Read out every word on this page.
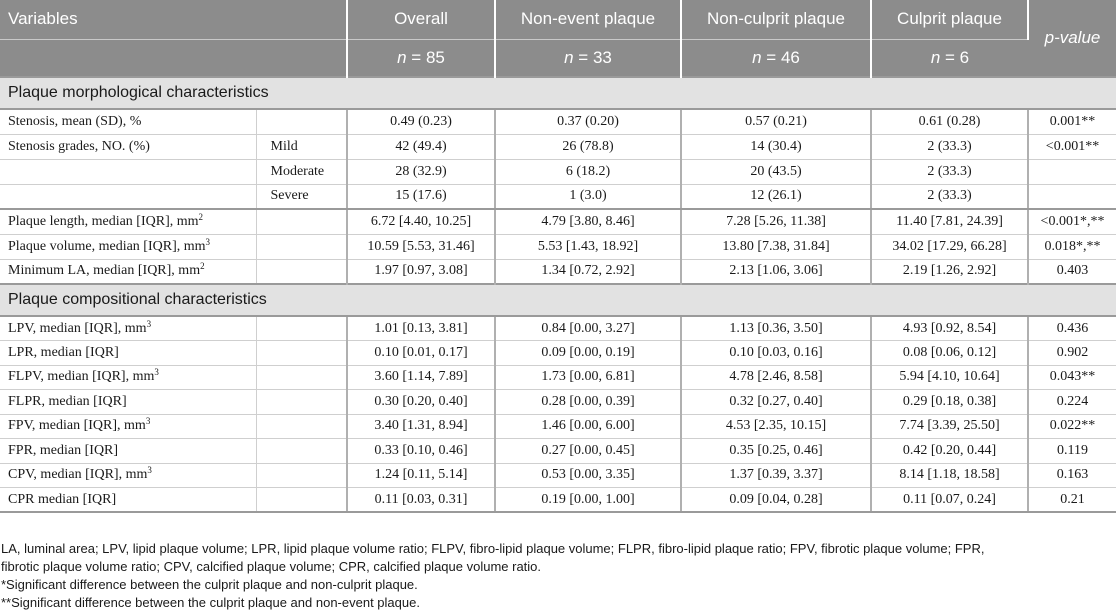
Variables		Overall	Non-event plaque	Non-culprit plaque	Culprit plaque	p-value
		n = 85	n = 33	n = 46	n = 6	
Plaque morphological characteristics						
Stenosis, mean (SD), %		0.49 (0.23)	0.37 (0.20)	0.57 (0.21)	0.61 (0.28)	0.001**
Stenosis grades, NO. (%)	Mild	42 (49.4)	26 (78.8)	14 (30.4)	2 (33.3)	<0.001**
	Moderate	28 (32.9)	6 (18.2)	20 (43.5)	2 (33.3)	
	Severe	15 (17.6)	1 (3.0)	12 (26.1)	2 (33.3)	
Plaque length, median [IQR], $mm^2$		6.72 [4.40, 10.25]	4.79 [3.80, 8.46]	7.28 [5.26, 11.38]	11.40 [7.81, 24.39]	<0.001*,**
Plaque volume, median [IQR], $mm^3$		10.59 [5.53, 31.46]	5.53 [1.43, 18.92]	13.80 [7.38, 31.84]	34.02 [17.29, 66.28]	0.018*,**
Minimum LA, median [IQR], $mm^2$		1.97 [0.97, 3.08]	1.34 [0.72, 2.92]	2.13 [1.06, 3.06]	2.19 [1.26, 2.92]	0.403
Plaque compositional characteristics						
LPV, median [IQR], $mm^3$		1.01 [0.13, 3.81]	0.84 [0.00, 3.27]	1.13 [0.36, 3.50]	4.93 [0.92, 8.54]	0.436
LPR, median [IQR]		0.10 [0.01, 0.17]	0.09 [0.00, 0.19]	0.10 [0.03, 0.16]	0.08 [0.06, 0.12]	0.902
FLPV, median [IQR], $mm^3$		3.60 [1.14, 7.89]	1.73 [0.00, 6.81]	4.78 [2.46, 8.58]	5.94 [4.10, 10.64]	0.043**
FLPR, median [IQR]		0.30 [0.20, 0.40]	0.28 [0.00, 0.39]	0.32 [0.27, 0.40]	0.29 [0.18, 0.38]	0.224
FPV, median [IQR], $mm^3$		3.40 [1.31, 8.94]	1.46 [0.00, 6.00]	4.53 [2.35, 10.15]	7.74 [3.39, 25.50]	0.022**
FPR, median [IQR]		0.33 [0.10, 0.46]	0.27 [0.00, 0.45]	0.35 [0.25, 0.46]	0.42 [0.20, 0.44]	0.119
CPV, median [IQR], $mm^3$		1.24 [0.11, 5.14]	0.53 [0.00, 3.35]	1.37 [0.39, 3.37]	8.14 [1.18, 18.58]	0.163
CPR median [IQR]		0.11 [0.03, 0.31]	0.19 [0.00, 1.00]	0.09 [0.04, 0.28]	0.11 [0.07, 0.24]	0.21

LA, luminal area; LPV, lipid plaque volume; LPR, lipid plaque volume ratio; FLPV, fibro-lipid plaque volume; FLPR, fibro-lipid plaque ratio; FPV, fibrotic plaque volume; FPR,

fibrotic plaque volume ratio; CPV, calcified plaque volume; CPR, calcified plaque volume ratio.

*Significant difference between the culprit plaque and non-culprit plaque.

**Significant difference between the culprit plaque and non-event plaque.
